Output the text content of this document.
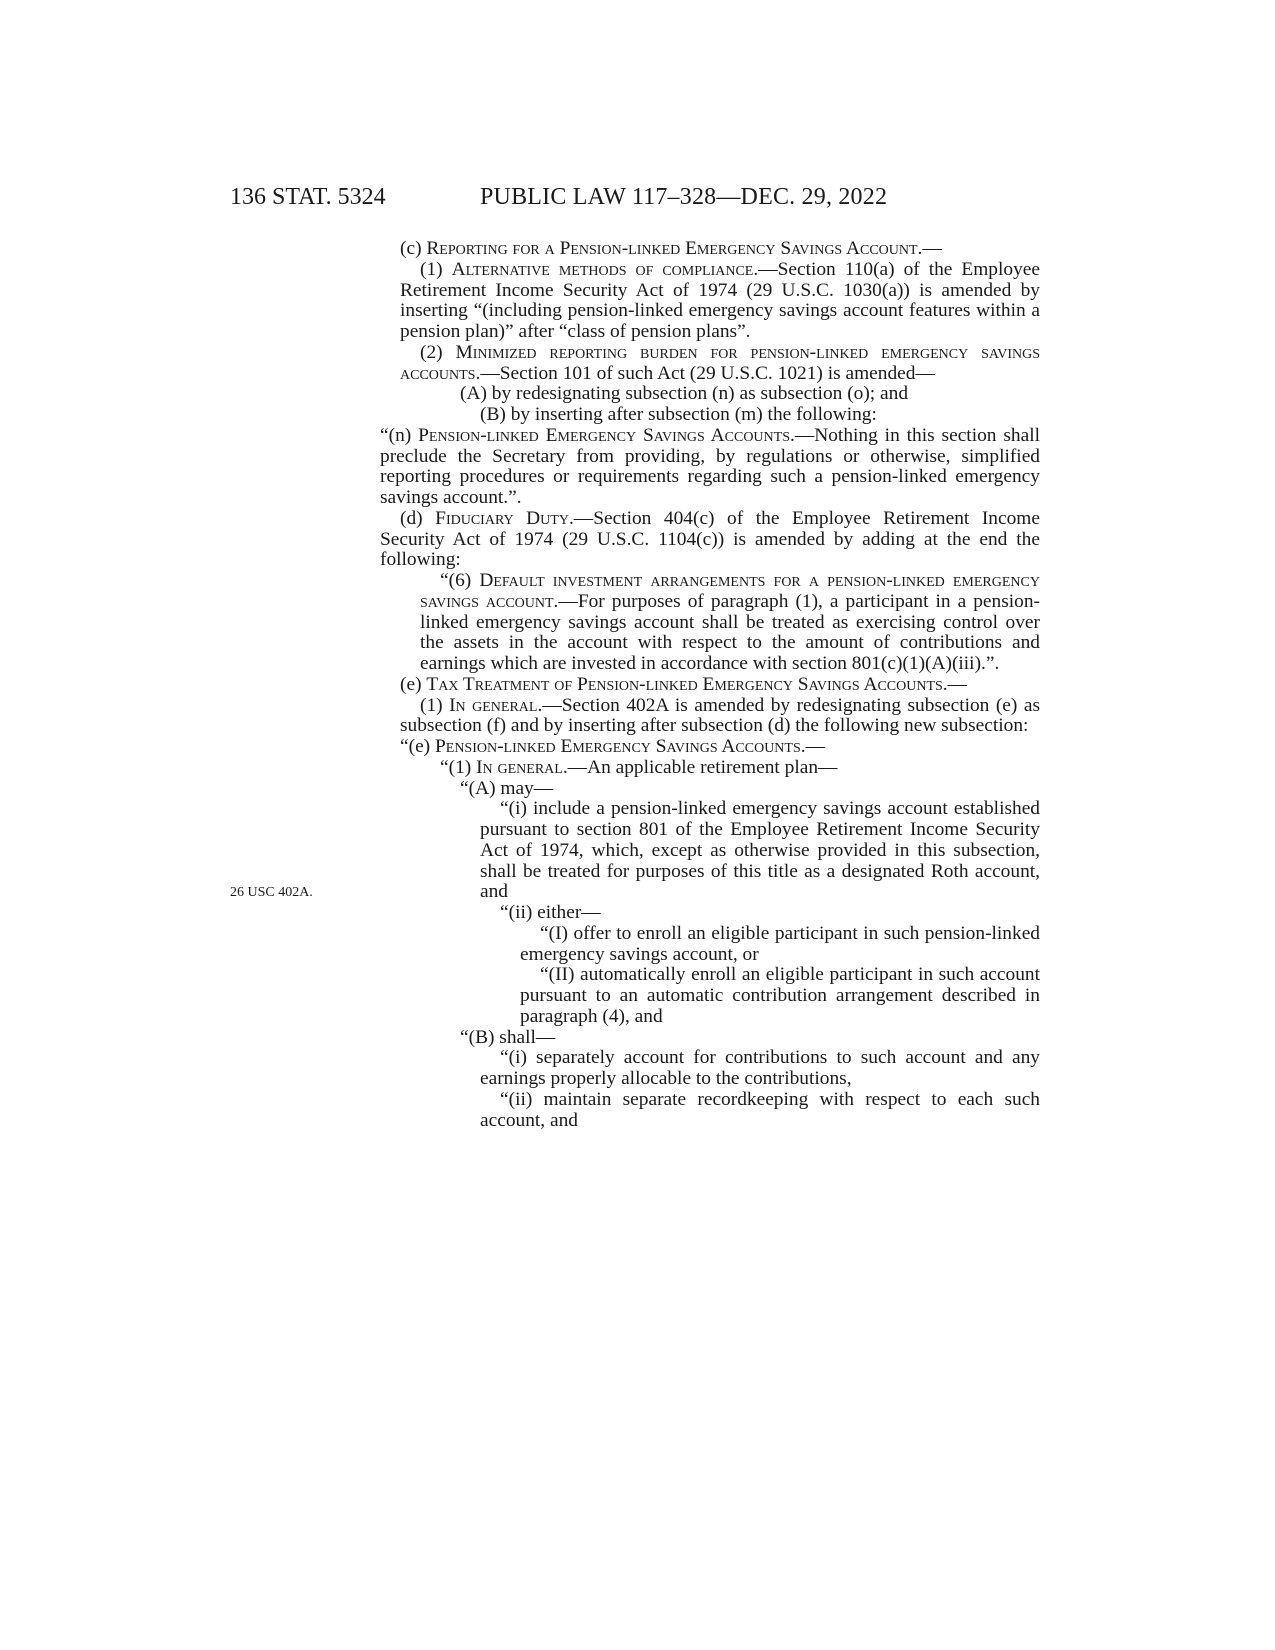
136 STAT. 5324	PUBLIC LAW 117–328—DEC. 29, 2022
26 USC 402A.

(c) Reporting for a Pension-linked Emergency Savings Account.—

(1) Alternative methods of compliance.—Section 110(a) of the Employee Retirement Income Security Act of 1974 (29 U.S.C. 1030(a)) is amended by inserting “(including pension-linked emergency savings account features within a pension plan)” after “class of pension plans”.

(2) Minimized reporting burden for pension-linked emergency savings accounts.—Section 101 of such Act (29 U.S.C. 1021) is amended—

(A) by redesignating subsection (n) as subsection (o); and

(B) by inserting after subsection (m) the following:

“(n) Pension-linked Emergency Savings Accounts.—Nothing in this section shall preclude the Secretary from providing, by regulations or otherwise, simplified reporting procedures or requirements regarding such a pension-linked emergency savings account.”.

(d) Fiduciary Duty.—Section 404(c) of the Employee Retirement Income Security Act of 1974 (29 U.S.C. 1104(c)) is amended by adding at the end the following:

“(6) Default investment arrangements for a pension-linked emergency savings account.—For purposes of paragraph (1), a participant in a pension-linked emergency savings account shall be treated as exercising control over the assets in the account with respect to the amount of contributions and earnings which are invested in accordance with section 801(c)(1)(A)(iii).”.

(e) Tax Treatment of Pension-linked Emergency Savings Accounts.—

(1) In general.—Section 402A is amended by redesignating subsection (e) as subsection (f) and by inserting after subsection (d) the following new subsection:

“(e) Pension-linked Emergency Savings Accounts.—

“(1) In general.—An applicable retirement plan—

“(A) may—

“(i) include a pension-linked emergency savings account established pursuant to section 801 of the Employee Retirement Income Security Act of 1974, which, except as otherwise provided in this subsection, shall be treated for purposes of this title as a designated Roth account, and

“(ii) either—

“(I) offer to enroll an eligible participant in such pension-linked emergency savings account, or

“(II) automatically enroll an eligible participant in such account pursuant to an automatic contribution arrangement described in paragraph (4), and

“(B) shall—

“(i) separately account for contributions to such account and any earnings properly allocable to the contributions,

“(ii) maintain separate recordkeeping with respect to each such account, and
